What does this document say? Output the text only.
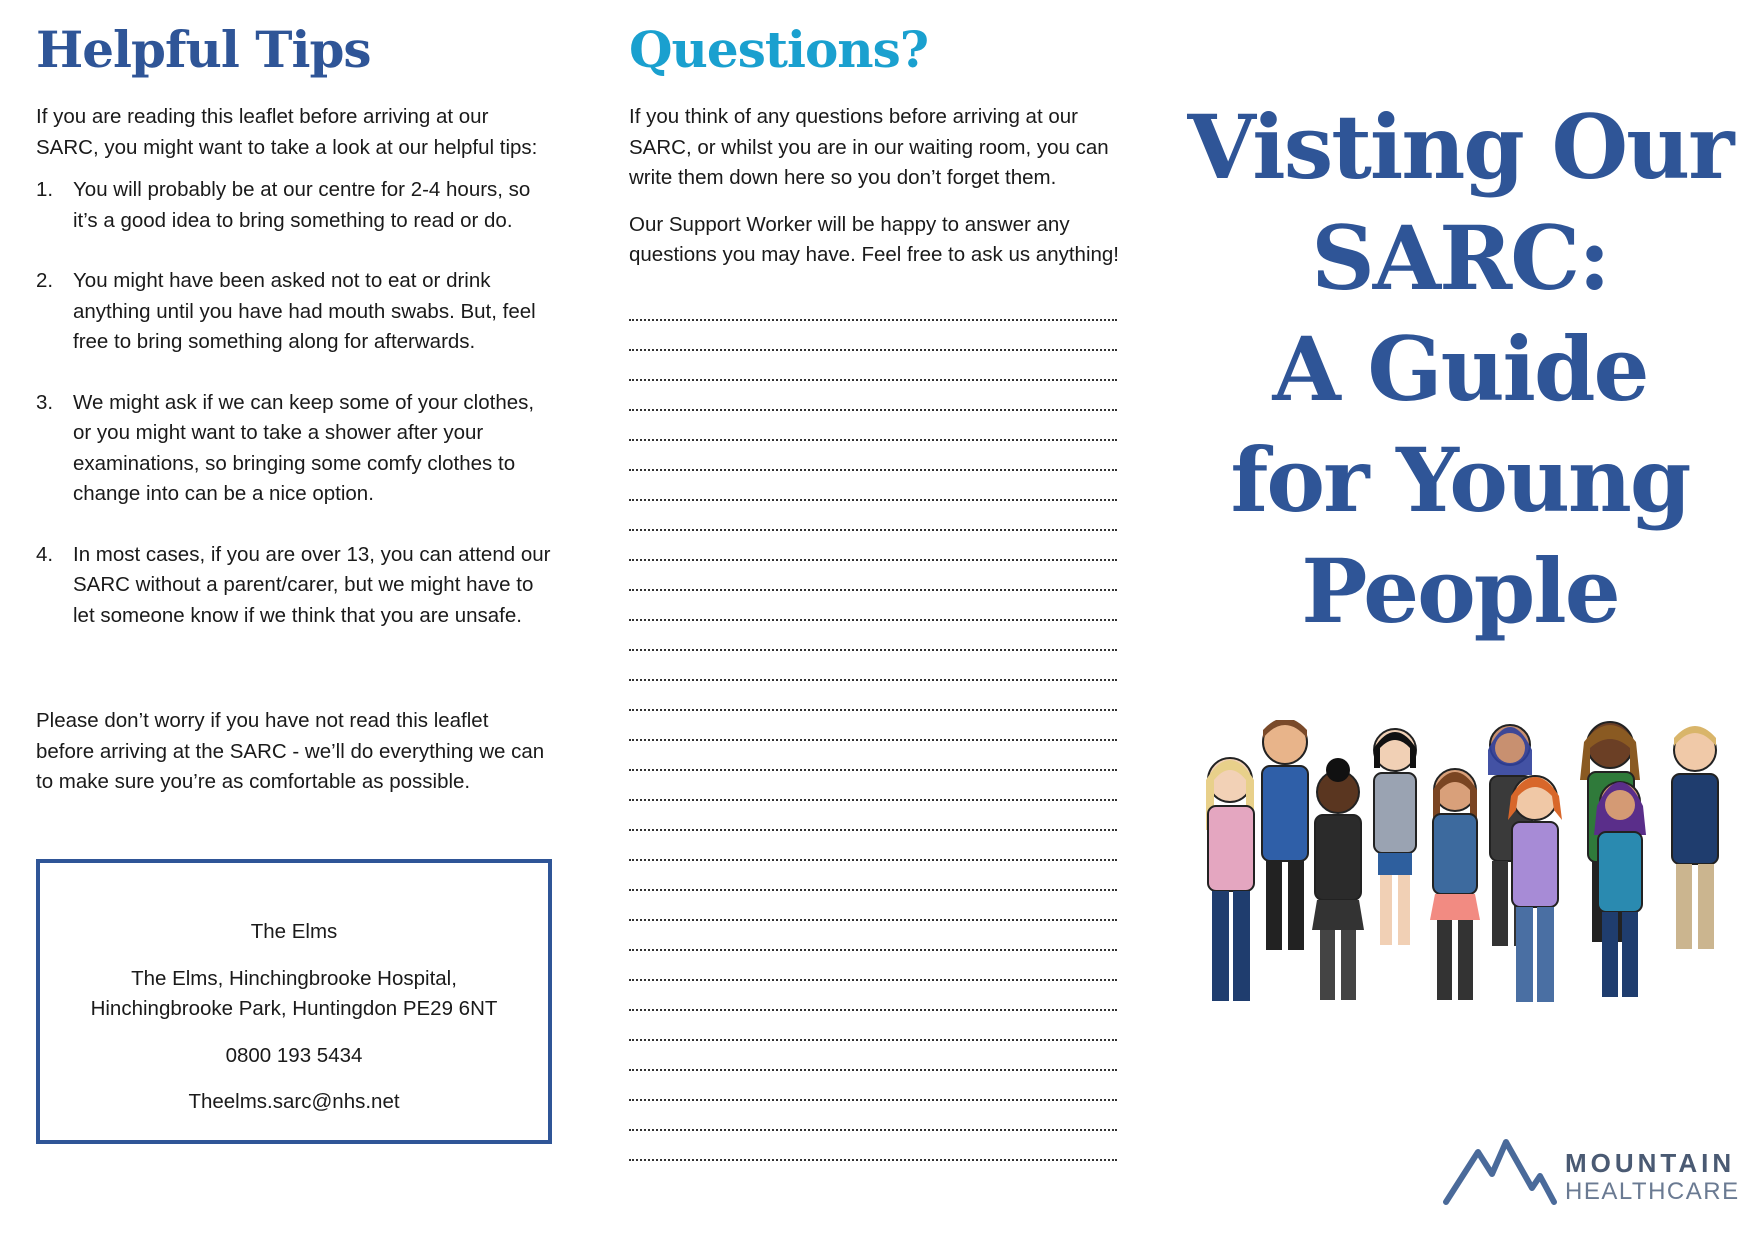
Helpful Tips

If you are reading this leaflet before arriving at our
SARC, you might want to take a look at our helpful tips:

1. You will probably be at our centre for 2-4 hours, so
it’s a good idea to bring something to read or do.

2. You might have been asked not to eat or drink
anything until you have had mouth swabs. But, feel
free to bring something along for afterwards.

3. We might ask if we can keep some of your clothes,
or you might want to take a shower after your
examinations, so bringing some comfy clothes to
change into can be a nice option.

4. In most cases, if you are over 13, you can attend our
SARC without a parent/carer, but we might have to
let someone know if we think that you are unsafe.

Please don’t worry if you have not read this leaflet
before arriving at the SARC - we’ll do everything we can
to make sure you’re as comfortable as possible.

The Elms

The Elms, Hinchingbrooke Hospital,
Hinchingbrooke Park, Huntingdon PE29 6NT

0800 193 5434

Theelms.sarc@nhs.net

Questions?

If you think of any questions before arriving at our
SARC, or whilst you are in our waiting room, you can
write them down here so you don’t forget them.

Our Support Worker will be happy to answer any
questions you may have. Feel free to ask us anything!

Visting Our
SARC:
A Guide
for Young
People
MOUNTAIN
HEALTHCARE
